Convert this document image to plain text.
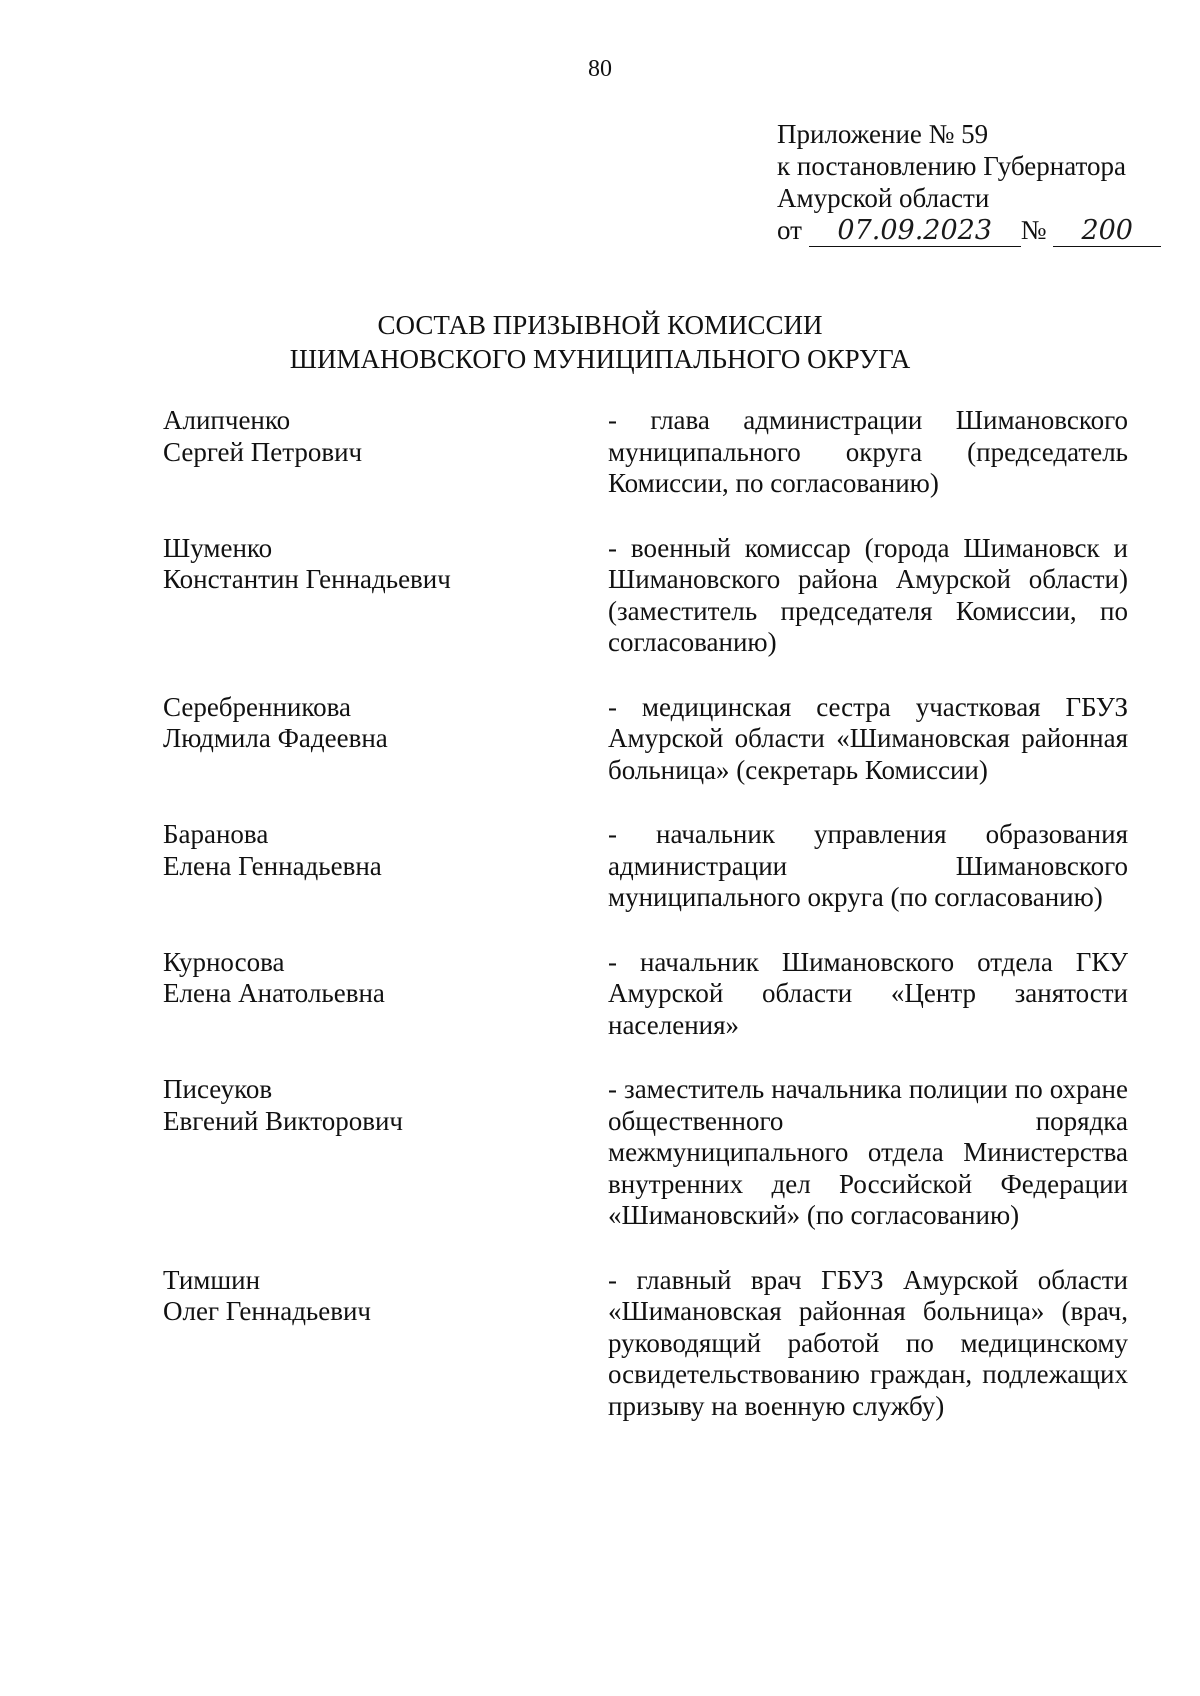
80
Приложение № 59
к постановлению Губернатора
Амурской области
от 07.09.2023 № 200
СОСТАВ ПРИЗЫВНОЙ КОМИССИИ
ШИМАНОВСКОГО МУНИЦИПАЛЬНОГО ОКРУГА
Алипченко
Сергей Петрович
- глава администрации Шимановского муниципального округа (председатель Комиссии, по согласованию)
Шуменко
Константин Геннадьевич
- военный комиссар (города Шимановск и Шимановского района Амурской области) (заместитель председателя Комиссии, по согласованию)
Серебренникова
Людмила Фадеевна
- медицинская сестра участковая ГБУЗ Амурской области «Шимановская районная больница» (секретарь Комиссии)
Баранова
Елена Геннадьевна
- начальник управления образования администрации Шимановского муниципального округа (по согласованию)
Курносова
Елена Анатольевна
- начальник Шимановского отдела ГКУ Амурской области «Центр занятости населения»
Писеуков
Евгений Викторович
- заместитель начальника полиции по охране общественного порядка межмуниципального отдела Министерства внутренних дел Российской Федерации «Шимановский» (по согласованию)
Тимшин
Олег Геннадьевич
- главный врач ГБУЗ Амурской области «Шимановская районная больница» (врач, руководящий работой по медицинскому освидетельствованию граждан, подлежащих призыву на военную службу)
